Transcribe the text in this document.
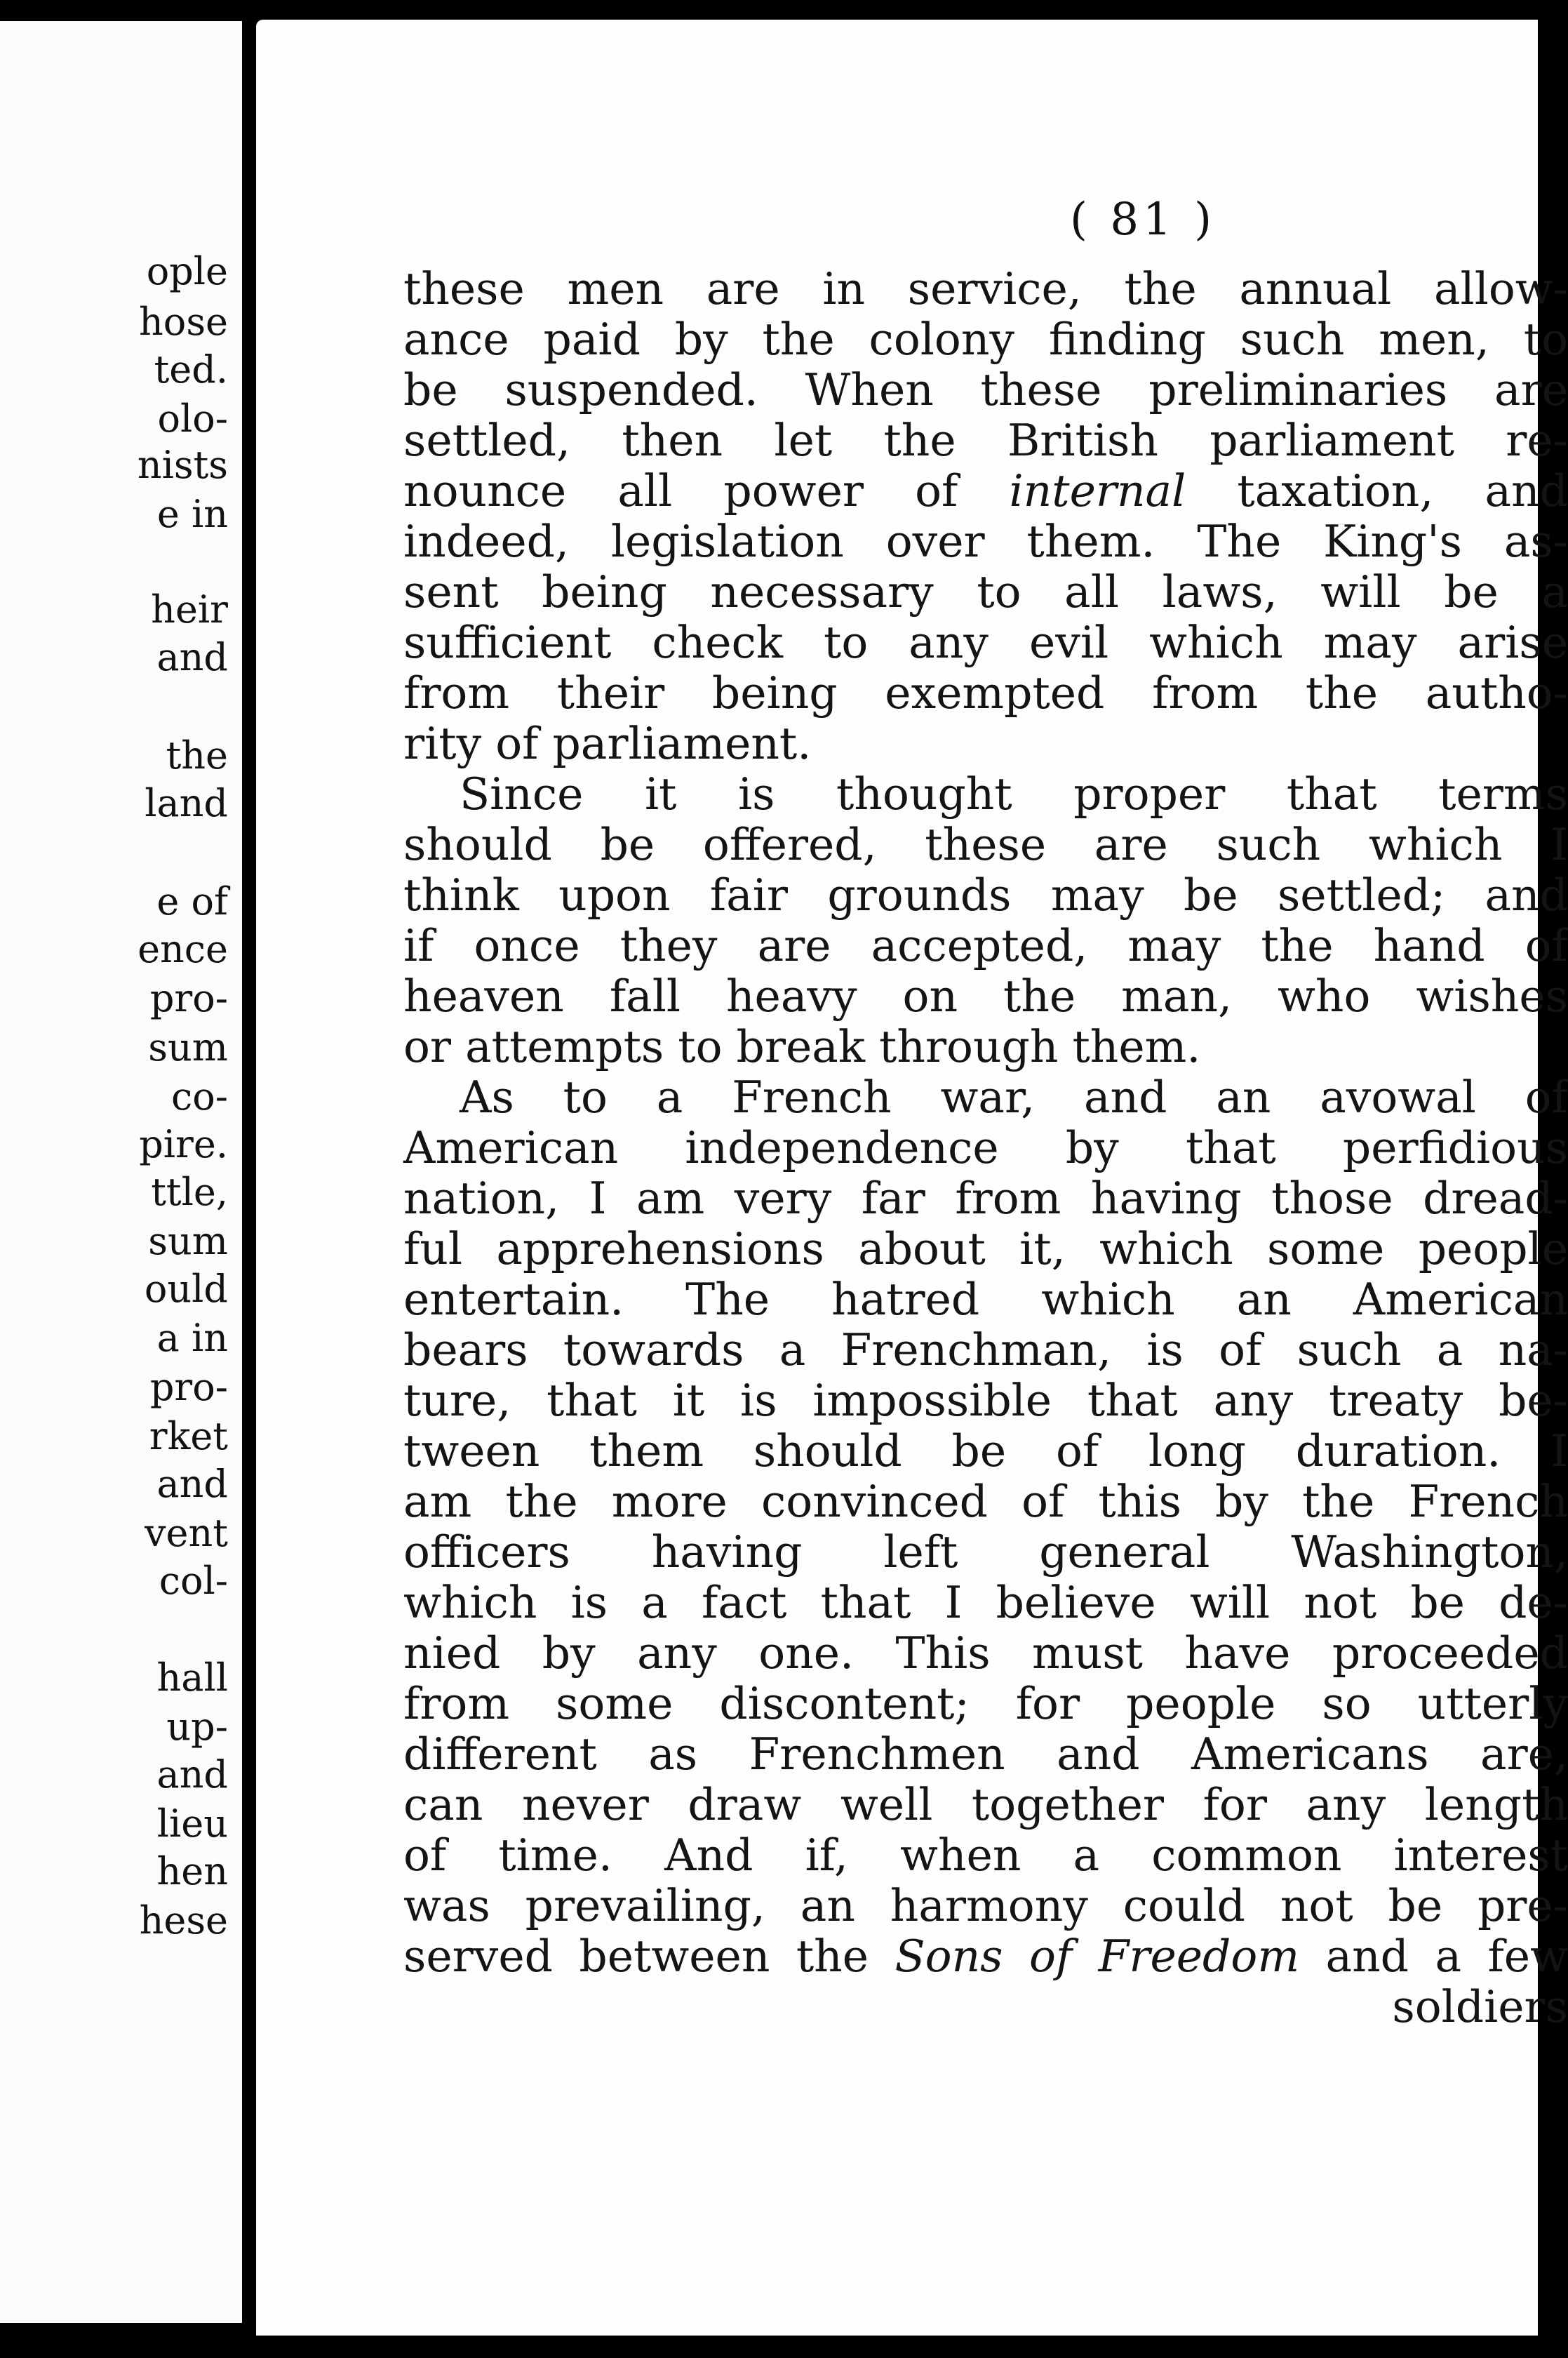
ople
hose
ted.
olo-
nists
e in
heir
and
the
land
e of
ence
pro-
sum
co-
pire.
ttle,
sum
ould
a in
pro-
rket
and
vent
col-
hall
up-
and
lieu
hen
hese
( 81 )
these men are in service, the annual allow-
ance paid by the colony finding such men, to
be suspended. When these preliminaries are
settled, then let the British parliament re-
nounce all power of internal taxation, and
indeed, legislation over them. The King's as-
sent being necessary to all laws, will be a
sufficient check to any evil which may arise
from their being exempted from the autho-
rity of parliament.
Since it is thought proper that terms
should be offered, these are such which I
think upon fair grounds may be settled; and
if once they are accepted, may the hand of
heaven fall heavy on the man, who wishes
or attempts to break through them.
As to a French war, and an avowal of
American independence by that perfidious
nation, I am very far from having those dread-
ful apprehensions about it, which some people
entertain. The hatred which an American
bears towards a Frenchman, is of such a na-
ture, that it is impossible that any treaty be-
tween them should be of long duration. I
am the more convinced of this by the French
officers having left general Washington,
which is a fact that I believe will not be de-
nied by any one. This must have proceeded
from some discontent; for people so utterly
different as Frenchmen and Americans are,
can never draw well together for any length
of time. And if, when a common interest
was prevailing, an harmony could not be pre-
served between the Sons of Freedom and a few
soldiers
